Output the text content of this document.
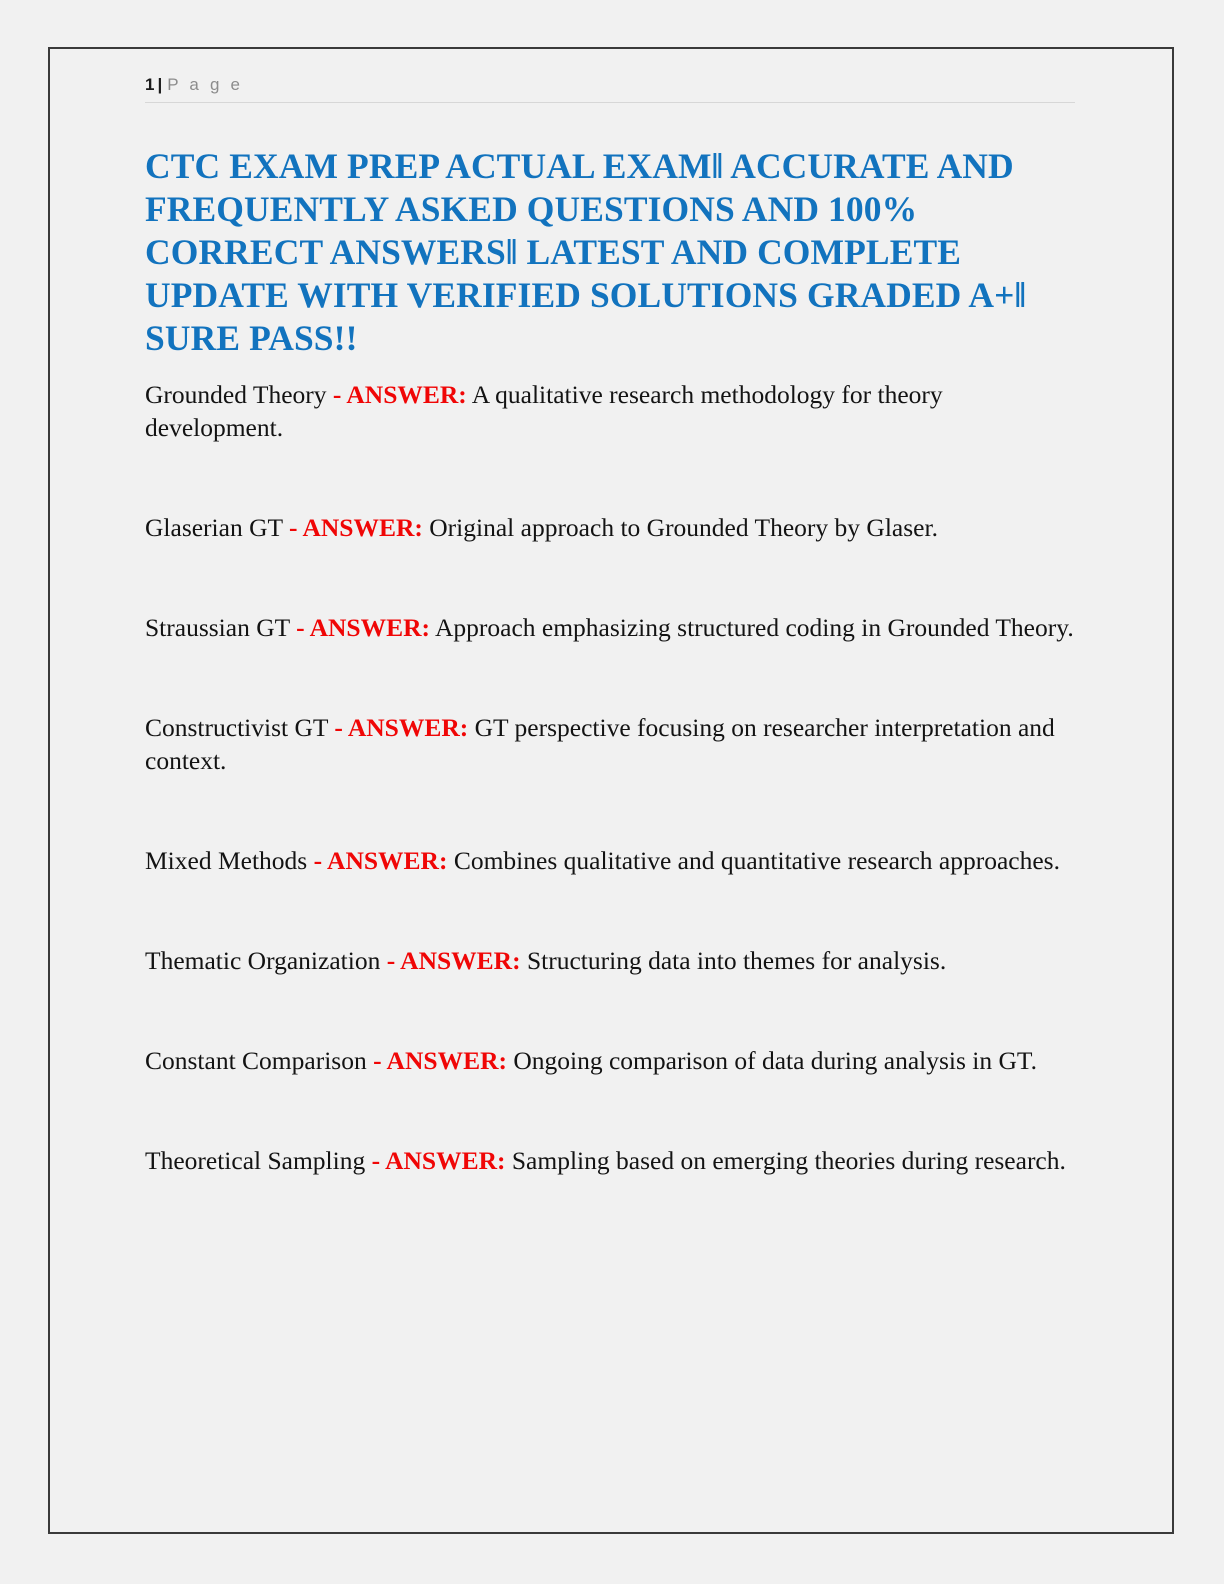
1 | P a g e
CTC EXAM PREP ACTUAL EXAM‖ ACCURATE AND FREQUENTLY ASKED QUESTIONS AND 100% CORRECT ANSWERS‖ LATEST AND COMPLETE UPDATE WITH VERIFIED SOLUTIONS GRADED A+‖ SURE PASS!!

Grounded Theory - ANSWER: A qualitative research methodology for theory development.

Glaserian GT - ANSWER: Original approach to Grounded Theory by Glaser.

Straussian GT - ANSWER: Approach emphasizing structured coding in Grounded Theory.

Constructivist GT - ANSWER: GT perspective focusing on researcher interpretation and context.

Mixed Methods - ANSWER: Combines qualitative and quantitative research approaches.

Thematic Organization - ANSWER: Structuring data into themes for analysis.

Constant Comparison - ANSWER: Ongoing comparison of data during analysis in GT.

Theoretical Sampling - ANSWER: Sampling based on emerging theories during research.
